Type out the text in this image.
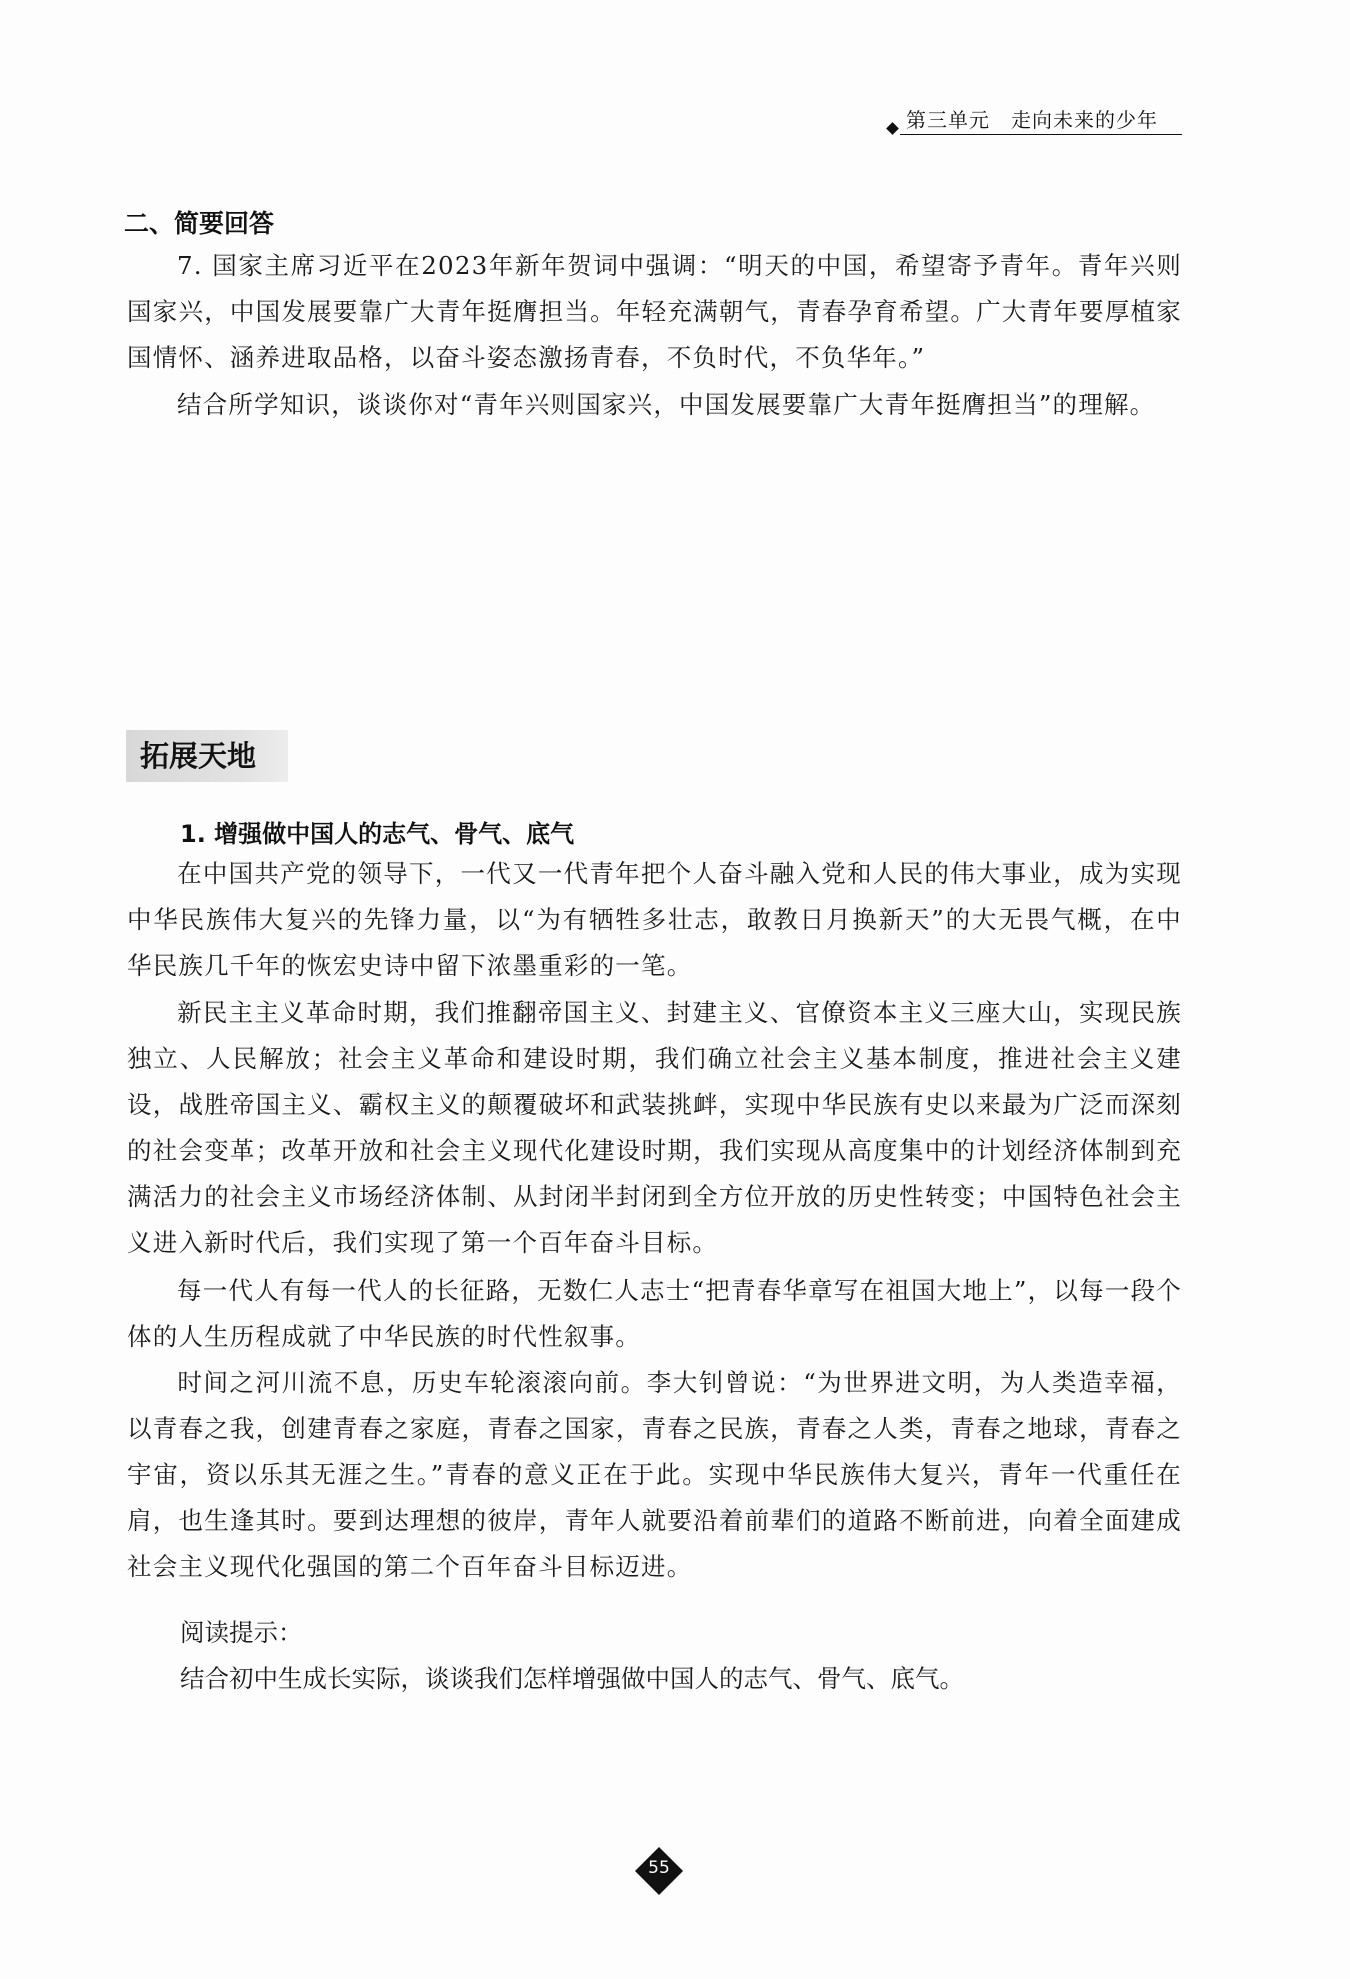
第三单元　走向未来的少年
二、简要回答

7. 国家主席习近平在2023年新年贺词中强调：“明天的中国，希望寄予青年。青年兴则国家兴，中国发展要靠广大青年挺膺担当。年轻充满朝气，青春孕育希望。广大青年要厚植家国情怀、涵养进取品格，以奋斗姿态激扬青春，不负时代，不负华年。”

结合所学知识，谈谈你对“青年兴则国家兴，中国发展要靠广大青年挺膺担当”的理解。

拓展天地
1. 增强做中国人的志气、骨气、底气

在中国共产党的领导下，一代又一代青年把个人奋斗融入党和人民的伟大事业，成为实现中华民族伟大复兴的先锋力量，以“为有牺牲多壮志，敢教日月换新天”的大无畏气概，在中华民族几千年的恢宏史诗中留下浓墨重彩的一笔。

新民主主义革命时期，我们推翻帝国主义、封建主义、官僚资本主义三座大山，实现民族独立、人民解放；社会主义革命和建设时期，我们确立社会主义基本制度，推进社会主义建设，战胜帝国主义、霸权主义的颠覆破坏和武装挑衅，实现中华民族有史以来最为广泛而深刻的社会变革；改革开放和社会主义现代化建设时期，我们实现从高度集中的计划经济体制到充满活力的社会主义市场经济体制、从封闭半封闭到全方位开放的历史性转变；中国特色社会主义进入新时代后，我们实现了第一个百年奋斗目标。

每一代人有每一代人的长征路，无数仁人志士“把青春华章写在祖国大地上”，以每一段个体的人生历程成就了中华民族的时代性叙事。

时间之河川流不息，历史车轮滚滚向前。李大钊曾说：“为世界进文明，为人类造幸福，以青春之我，创建青春之家庭，青春之国家，青春之民族，青春之人类，青春之地球，青春之宇宙，资以乐其无涯之生。”青春的意义正在于此。实现中华民族伟大复兴，青年一代重任在肩，也生逢其时。要到达理想的彼岸，青年人就要沿着前辈们的道路不断前进，向着全面建成社会主义现代化强国的第二个百年奋斗目标迈进。

阅读提示：
结合初中生成长实际，谈谈我们怎样增强做中国人的志气、骨气、底气。
55
